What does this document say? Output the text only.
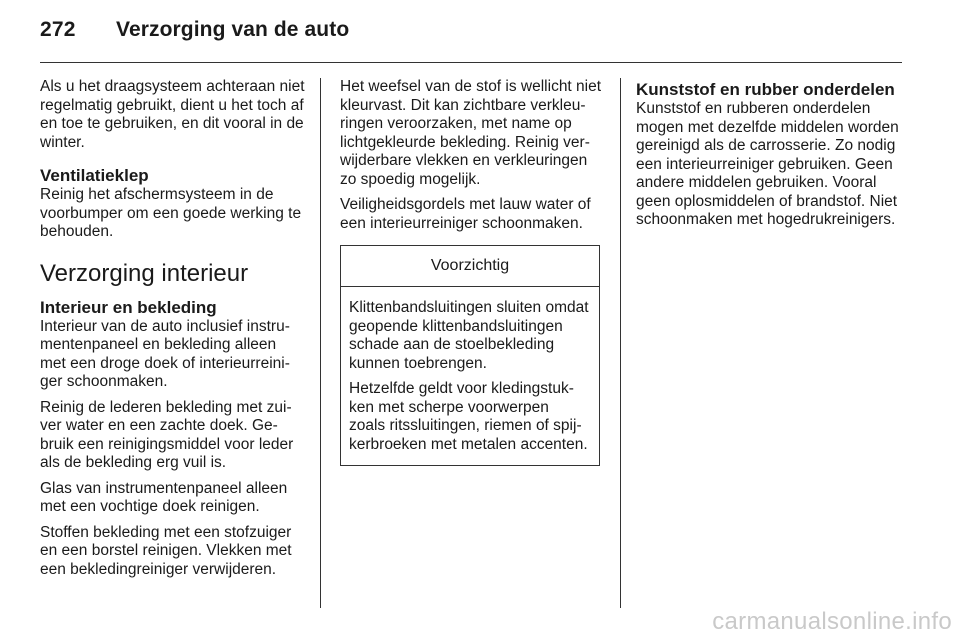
272	Verzorging van de auto

Als u het draagsysteem achteraan niet regelmatig gebruikt, dient u het toch af en toe te gebruiken, en dit vooral in de winter.

Ventilatieklep

Reinig het afschermsysteem in de voorbumper om een goede werking te behouden.

Verzorging interieur
Interieur en bekleding

Interieur van de auto inclusief instrumentenpaneel en bekleding alleen met een droge doek of interieurreiniger schoonmaken.

Reinig de lederen bekleding met zuiver water en een zachte doek. Gebruik een reinigingsmiddel voor leder als de bekleding erg vuil is.

Glas van instrumentenpaneel alleen met een vochtige doek reinigen.

Stoffen bekleding met een stofzuiger en een borstel reinigen. Vlekken met een bekledingreiniger verwijderen.

Het weefsel van de stof is wellicht niet kleurvast. Dit kan zichtbare verkleuringen veroorzaken, met name op lichtgekleurde bekleding. Reinig verwijderbare vlekken en verkleuringen zo spoedig mogelijk.

Veiligheidsgordels met lauw water of een interieurreiniger schoonmaken.

Voorzichtig

Klittenbandsluitingen sluiten omdat geopende klittenbandsluitingen schade aan de stoelbekleding kunnen toebrengen.

Hetzelfde geldt voor kledingstukken met scherpe voorwerpen zoals ritssluitingen, riemen of spijkerbroeken met metalen accenten.

Kunststof en rubber onderdelen

Kunststof en rubberen onderdelen mogen met dezelfde middelen worden gereinigd als de carrosserie. Zo nodig een interieurreiniger gebruiken. Geen andere middelen gebruiken. Vooral geen oplosmiddelen of brandstof. Niet schoonmaken met hogedrukreinigers.

carmanualsonline.info
